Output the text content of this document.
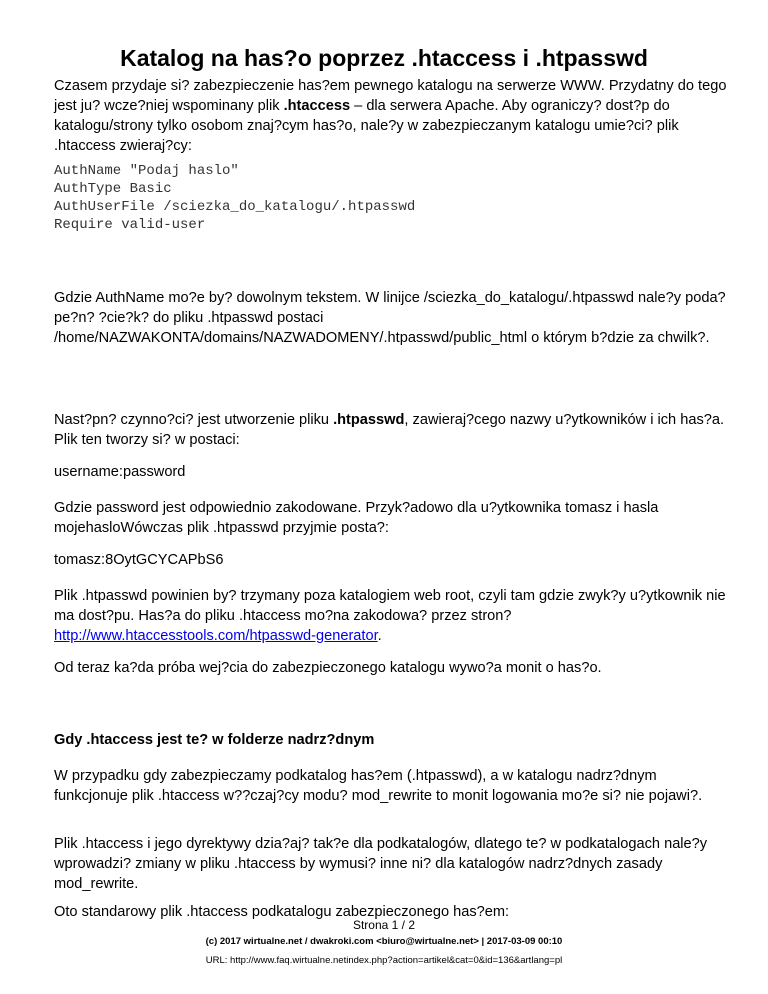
Katalog na has?o poprzez .htaccess i .htpasswd

Czasem przydaje si? zabezpieczenie has?em pewnego katalogu na serwerze WWW. Przydatny do tego jest ju? wcze?niej wspominany plik .htaccess – dla serwera Apache. Aby ograniczy? dost?p do katalogu/strony tylko osobom znaj?cym has?o, nale?y w zabezpieczanym katalogu umie?ci? plik .htaccess zwieraj?cy:

AuthName "Podaj haslo"
AuthType Basic
AuthUserFile /sciezka_do_katalogu/.htpasswd
Require valid-user

Gdzie AuthName mo?e by? dowolnym tekstem. W linijce /sciezka_do_katalogu/.htpasswd nale?y poda? pe?n? ?cie?k? do pliku .htpasswd postaci /home/NAZWAKONTA/domains/NAZWADOMENY/.htpasswd/public_html o którym b?dzie za chwilk?.

Nast?pn? czynno?ci? jest utworzenie pliku .htpasswd, zawieraj?cego nazwy u?ytkowników i ich has?a. Plik ten tworzy si? w postaci:

username:password

Gdzie password jest odpowiednio zakodowane. Przyk?adowo dla u?ytkownika tomasz i hasla mojehasloWówczas plik .htpasswd przyjmie posta?:

tomasz:8OytGCYCAPbS6

Plik .htpasswd powinien by? trzymany poza katalogiem web root, czyli tam gdzie zwyk?y u?ytkownik nie ma dost?pu. Has?a do pliku .htaccess mo?na zakodowa? przez stron? http://www.htaccesstools.com/htpasswd-generator.

Od teraz ka?da próba wej?cia do zabezpieczonego katalogu wywo?a monit o has?o.

Gdy .htaccess jest te? w folderze nadrz?dnym

W przypadku gdy zabezpieczamy podkatalog has?em (.htpasswd), a w katalogu nadrz?dnym funkcjonuje plik .htaccess w??czaj?cy modu? mod_rewrite to monit logowania mo?e si? nie pojawi?.

Plik .htaccess i jego dyrektywy dzia?aj? tak?e dla podkatalogów, dlatego te? w podkatalogach nale?y wprowadzi? zmiany w pliku .htaccess by wymusi? inne ni? dla katalogów nadrz?dnych zasady mod_rewrite.

Oto standarowy plik .htaccess podkatalogu zabezpieczonego has?em:

Strona 1 / 2
(c) 2017 wirtualne.net / dwakroki.com <biuro@wirtualne.net> | 2017-03-09 00:10
URL: http://www.faq.wirtualne.netindex.php?action=artikel&cat=0&id=136&artlang=pl
